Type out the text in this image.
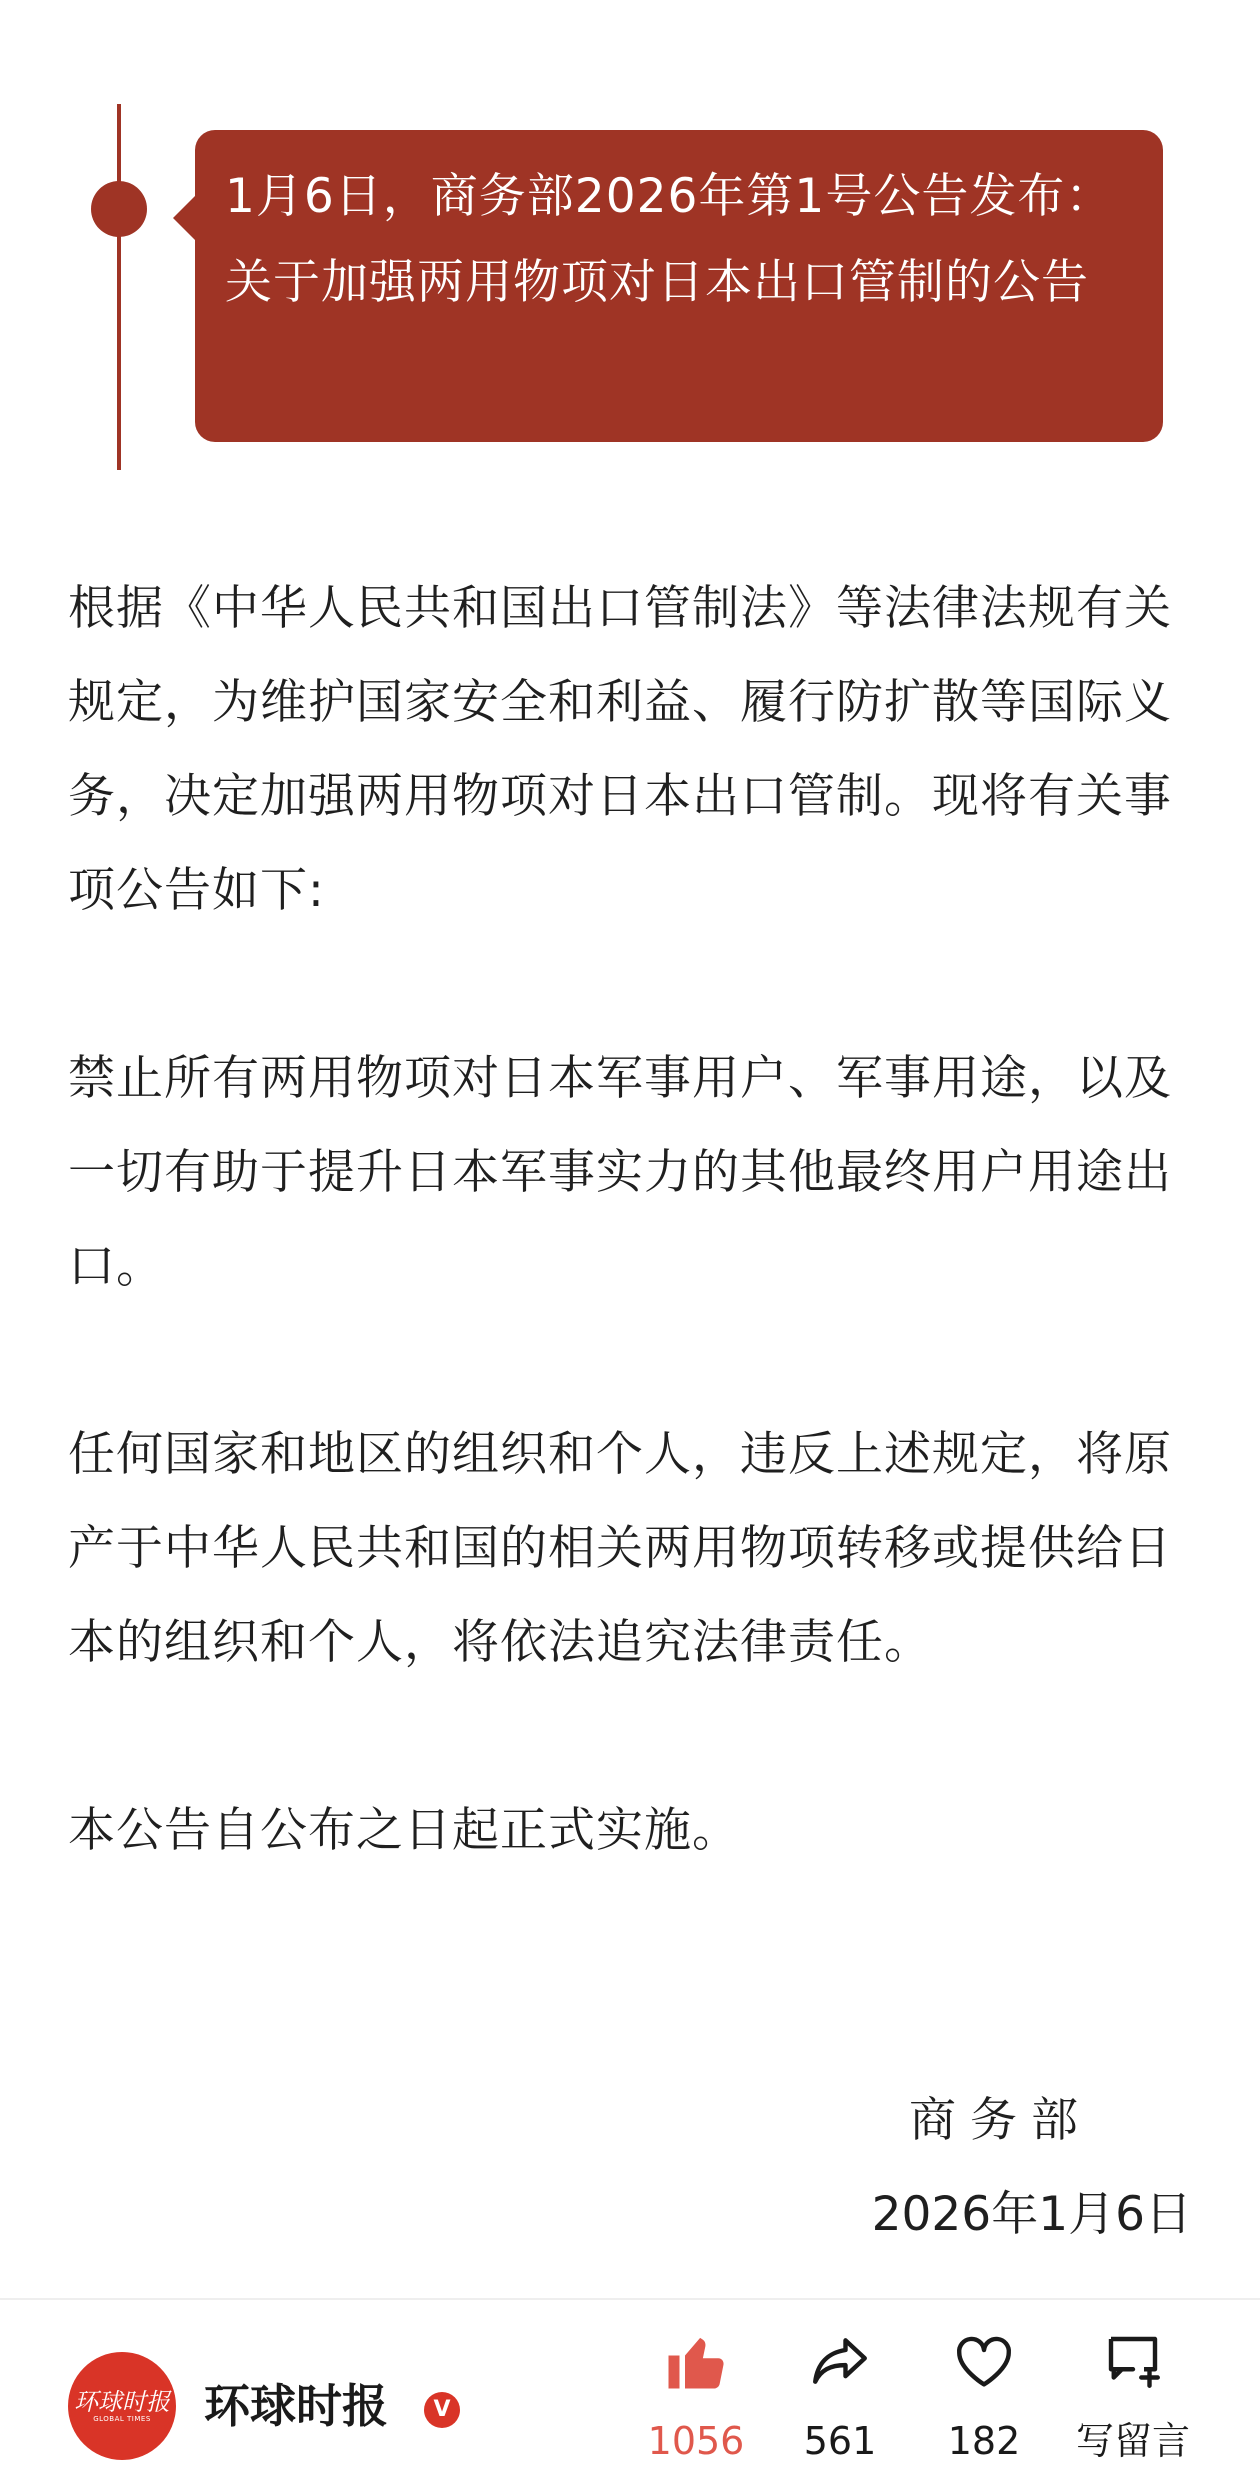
1月6日，商务部2026年第1号公告发布： 关于加强两用物项对日本出口管制的公告

根据《中华人民共和国出口管制法》等法律法规有关规定，为维护国家安全和利益、履行防扩散等国际义务，决定加强两用物项对日本出口管制。现将有关事项公告如下:

禁止所有两用物项对日本军事用户、军事用途，以及一切有助于提升日本军事实力的其他最终用户用途出口。

任何国家和地区的组织和个人，违反上述规定，将原产于中华人民共和国的相关两用物项转移或提供给日本的组织和个人，将依法追究法律责任。

本公告自公布之日起正式实施。

商务部
2026年1月6日
环球时报
GLOBAL TIMES 环球时报	V
1056	561	182	写留言
